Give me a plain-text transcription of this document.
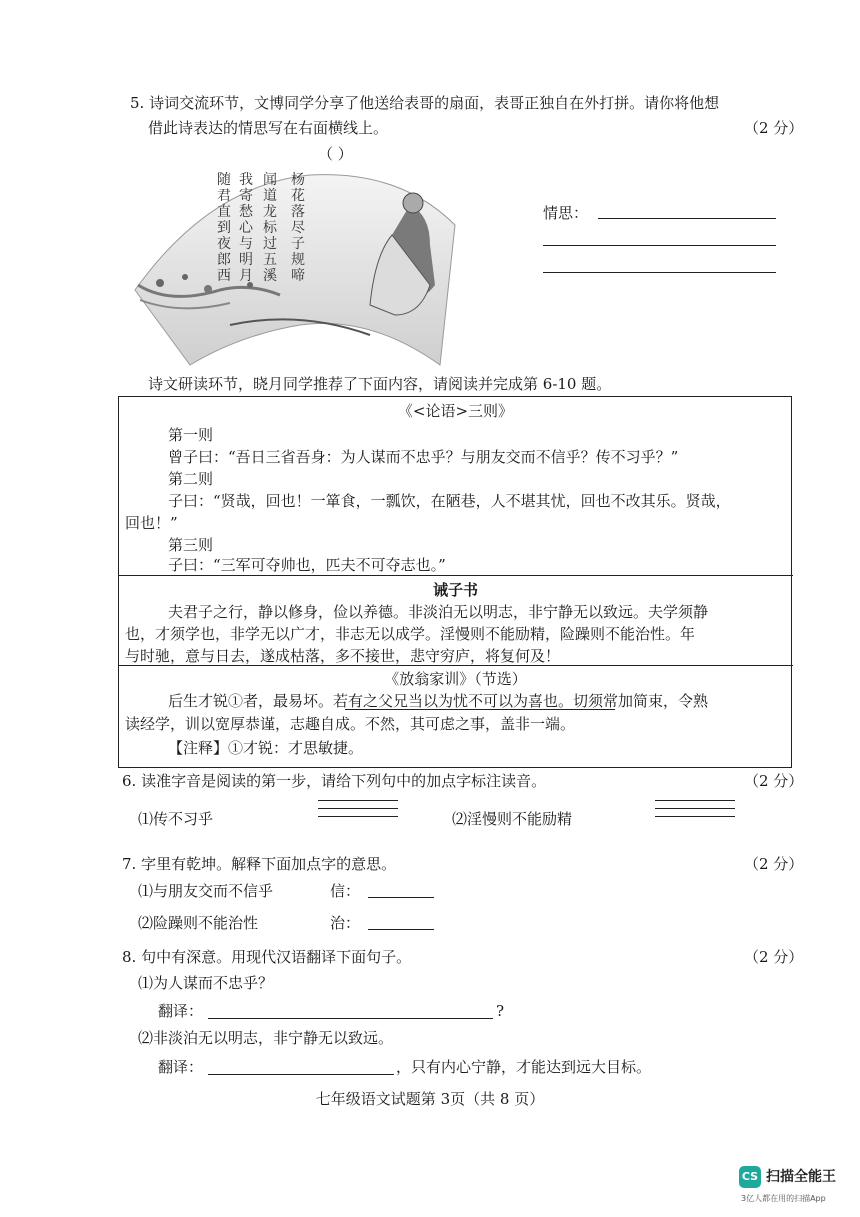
5. 诗词交流环节，文博同学分享了他送给表哥的扇面，表哥正独自在外打拼。请你将他想
借此诗表达的情思写在右面横线上。	（2 分）
（ ）
杨花落尽子规啼
闻道龙标过五溪
我寄愁心与明月
随君直到夜郎西
情思：
诗文研读环节，晓月同学推荐了下面内容，请阅读并完成第 6-10 题。
《<论语>三则》
第一则
曾子曰：“吾日三省吾身：为人谋而不忠乎？与朋友交而不信乎？传不习乎？”
第二则
子曰：“贤哉，回也！一箪食，一瓢饮，在陋巷，人不堪其忧，回也不改其乐。贤哉，
回也！”
第三则
子曰：“三军可夺帅也，匹夫不可夺志也。”
诫子书
夫君子之行，静以修身，俭以养德。非淡泊无以明志，非宁静无以致远。夫学须静
也，才须学也，非学无以广才，非志无以成学。淫慢则不能励精，险躁则不能治性。年
与时驰，意与日去，遂成枯落，多不接世，悲守穷庐，将复何及！
《放翁家训》（节选）
后生才锐①者，最易坏。若有之父兄当以为忧不可以为喜也。切须常加简束，令熟
读经学，训以宽厚恭谨，志趣自成。不然，其可虑之事，盖非一端。
【注释】①才锐：才思敏捷。
6. 读准字音是阅读的第一步，请给下列句中的加点字标注读音。	（2 分）
⑴传不习乎	⑵淫慢则不能励精
7. 字里有乾坤。解释下面加点字的意思。	（2 分）
⑴与朋友交而不信乎	信：
⑵险躁则不能治性	治：
8. 句中有深意。用现代汉语翻译下面句子。	（2 分）
⑴为人谋而不忠乎？
翻译：	?
⑵非淡泊无以明志，非宁静无以致远。
翻译：	，只有内心宁静，才能达到远大目标。
七年级语文试题第 3页（共 8 页）
CS 扫描全能王
3亿人都在用的扫描App
